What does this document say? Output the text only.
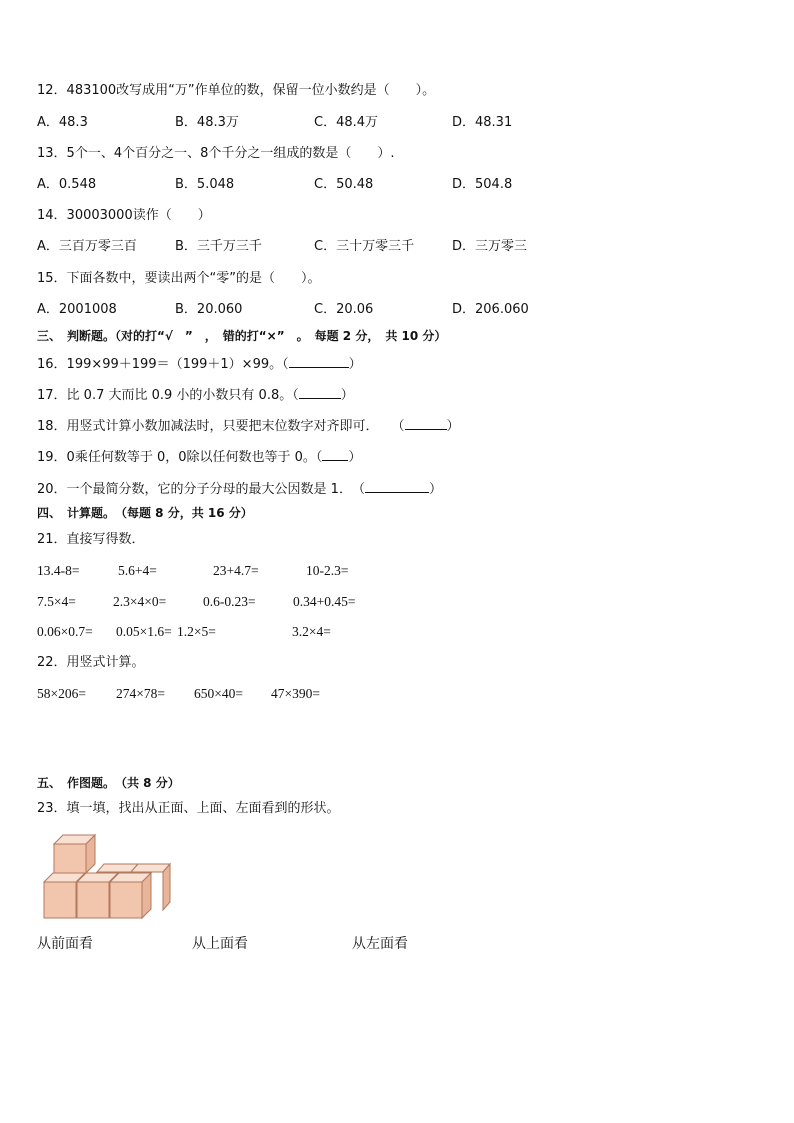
12．483100改写成用“万”作单位的数，保留一位小数约是（　　）。
A．48.3	B．48.3万	C．48.4万	D．48.31
13．5个一、4个百分之一、8个千分之一组成的数是（　　）.
A．0.548	B．5.048	C．50.48	D．504.8
14．30003000读作（　　）
A．三百万零三百	B．三千万三千	C．三十万零三千	D．三万零三
15．下面各数中，要读出两个“零”的是（　　）。
A．2001008	B．20.060	C．20.06	D．206.060
三、　判断题。（对的打“√　”　，　错的打“×”　。　每题 2 分，　共 10 分）
16．199×99＋199＝（199＋1）×99。（	）
17．比 0.7 大而比 0.9 小的小数只有 0.8。（	）
18．用竖式计算小数加减法时，只要把末位数字对齐即可．　　（	）
19．0乘任何数等于 0，0除以任何数也等于 0。（ ）
20．一个最简分数，它的分子分母的最大公因数是 1．　（	）
四、　计算题。　（每题 8 分，共 16 分）
21．直接写得数．
13.4-8=	5.6+4=	23+4.7=	10-2.3=
7.5×4=	2.3×4×0=	0.6-0.23=	0.34+0.45=
0.06×0.7= 0.05×1.6= 1.2×5=	3.2×4=
22．用竖式计算。
58×206= 274×78= 650×40= 47×390=
五、　作图题。　（共 8 分）
23．填一填，找出从正面、上面、左面看到的形状。
从前面看	从上面看	从左面看
